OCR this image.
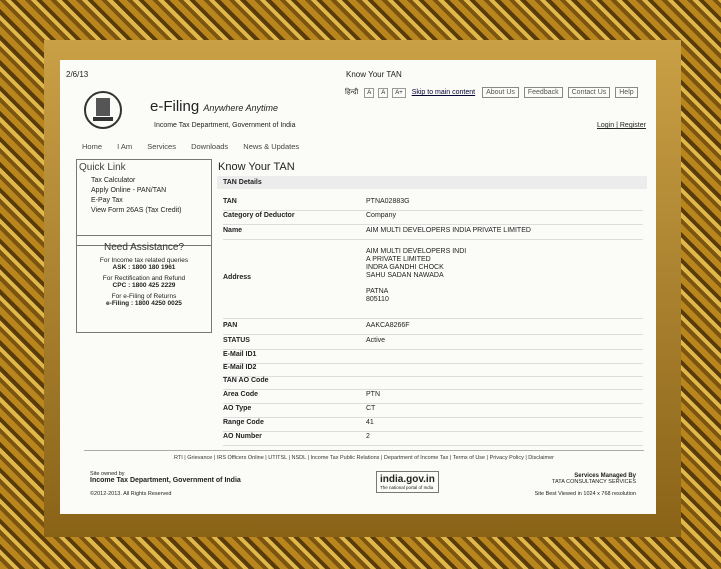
2/6/13	Know Your TAN
e-Filing Anywhere Anytime
Income Tax Department, Government of India
हिन्दी A A A+ Skip to main content About Us Feedback Contact Us Help
Login | Register
Home I Am Services Downloads News & Updates
Quick Link
Tax Calculator
Apply Online - PAN/TAN
E-Pay Tax
View Form 26AS (Tax Credit)
Need Assistance?

For Income tax related queries
ASK : 1800 180 1961

For Rectification and Refund
CPC : 1800 425 2229

For e-Filing of Returns
e-Filing : 1800 4250 0025

Know Your TAN
TAN Details
TAN	PTNA02883G
Category of Deductor	Company
Name	AIM MULTI DEVELOPERS INDIA PRIVATE LIMITED
Address
AIM MULTI DEVELOPERS INDI
A PRIVATE LIMITED
INDRA GANDHI CHOCK
SAHU SADAN NAWADA

PATNA
805110
PAN	AAKCA8266F
STATUS	Active
E-Mail ID1
E-Mail ID2
TAN AO Code
Area Code	PTN
AO Type	CT
Range Code	41
AO Number	2
RTI | Grievance | IRS Officers Online | UTITSL | NSDL | Income Tax Public Relations | Department of Income Tax | Terms of Use | Privacy Policy | Disclaimer
Site owned by
Income Tax Department, Government of India
©2012-2013. All Rights Reserved
india.gov.in
The national portal of India
Services Managed By
TATA CONSULTANCY SERVICES

Site Best Viewed in 1024 x 768 resolution
